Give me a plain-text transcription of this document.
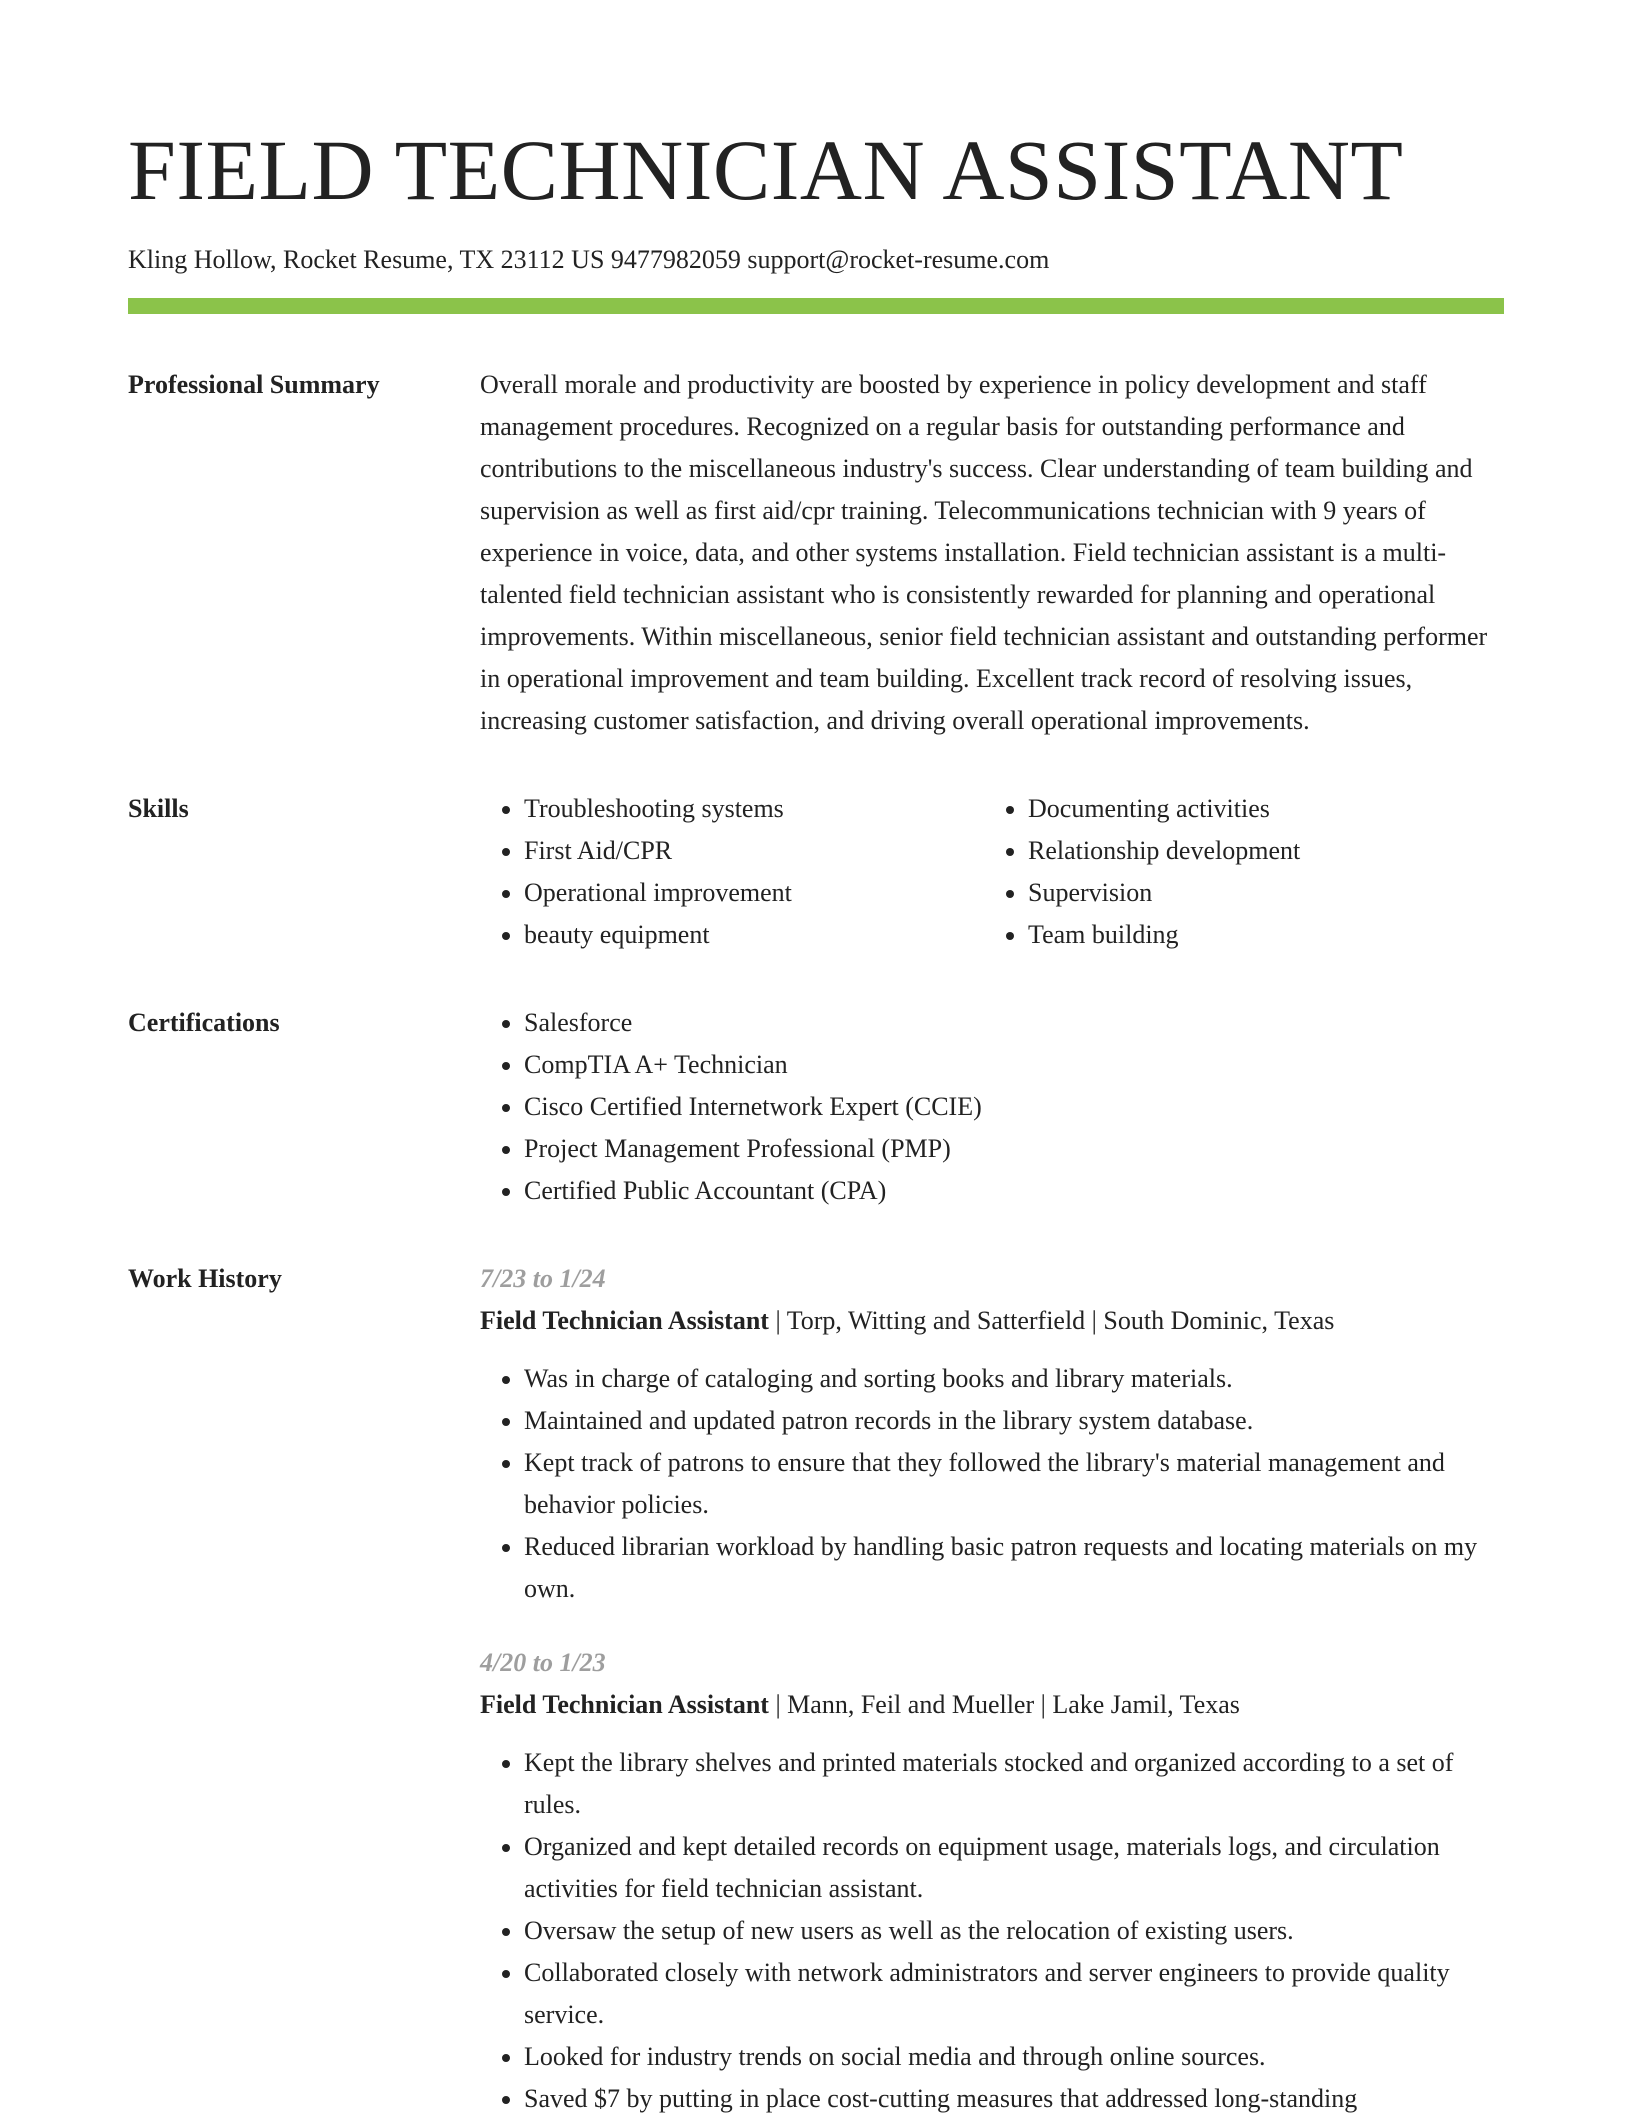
FIELD TECHNICIAN ASSISTANT
Kling Hollow, Rocket Resume, TX 23112 US 9477982059 support@rocket-resume.com
Professional Summary	Overall morale and productivity are boosted by experience in policy development and staff management procedures. Recognized on a regular basis for outstanding performance and contributions to the miscellaneous industry's success. Clear understanding of team building and supervision as well as first aid/cpr training. Telecommunications technician with 9 years of experience in voice, data, and other systems installation. Field technician assistant is a multi-talented field technician assistant who is consistently rewarded for planning and operational improvements. Within miscellaneous, senior field technician assistant and outstanding performer in operational improvement and team building. Excellent track record of resolving issues, increasing customer satisfaction, and driving overall operational improvements.

Skills	• Troubleshooting systems
• First Aid/CPR
• Operational improvement
• beauty equipment
• Documenting activities
• Relationship development
• Supervision
• Team building
Certifications	• Salesforce
• CompTIA A+ Technician
• Cisco Certified Internetwork Expert (CCIE)
• Project Management Professional (PMP)
• Certified Public Accountant (CPA)
Work History	7/23 to 1/24
Field Technician Assistant | Torp, Witting and Satterfield | South Dominic, Texas
• Was in charge of cataloging and sorting books and library materials.
• Maintained and updated patron records in the library system database.
• Kept track of patrons to ensure that they followed the library's material management and behavior policies.
• Reduced librarian workload by handling basic patron requests and locating materials on my own.
4/20 to 1/23
Field Technician Assistant | Mann, Feil and Mueller | Lake Jamil, Texas
• Kept the library shelves and printed materials stocked and organized according to a set of rules.
• Organized and kept detailed records on equipment usage, materials logs, and circulation activities for field technician assistant.
• Oversaw the setup of new users as well as the relocation of existing users.
• Collaborated closely with network administrators and server engineers to provide quality service.
• Looked for industry trends on social media and through online sources.
• Saved $7 by putting in place cost-cutting measures that addressed long-standing
